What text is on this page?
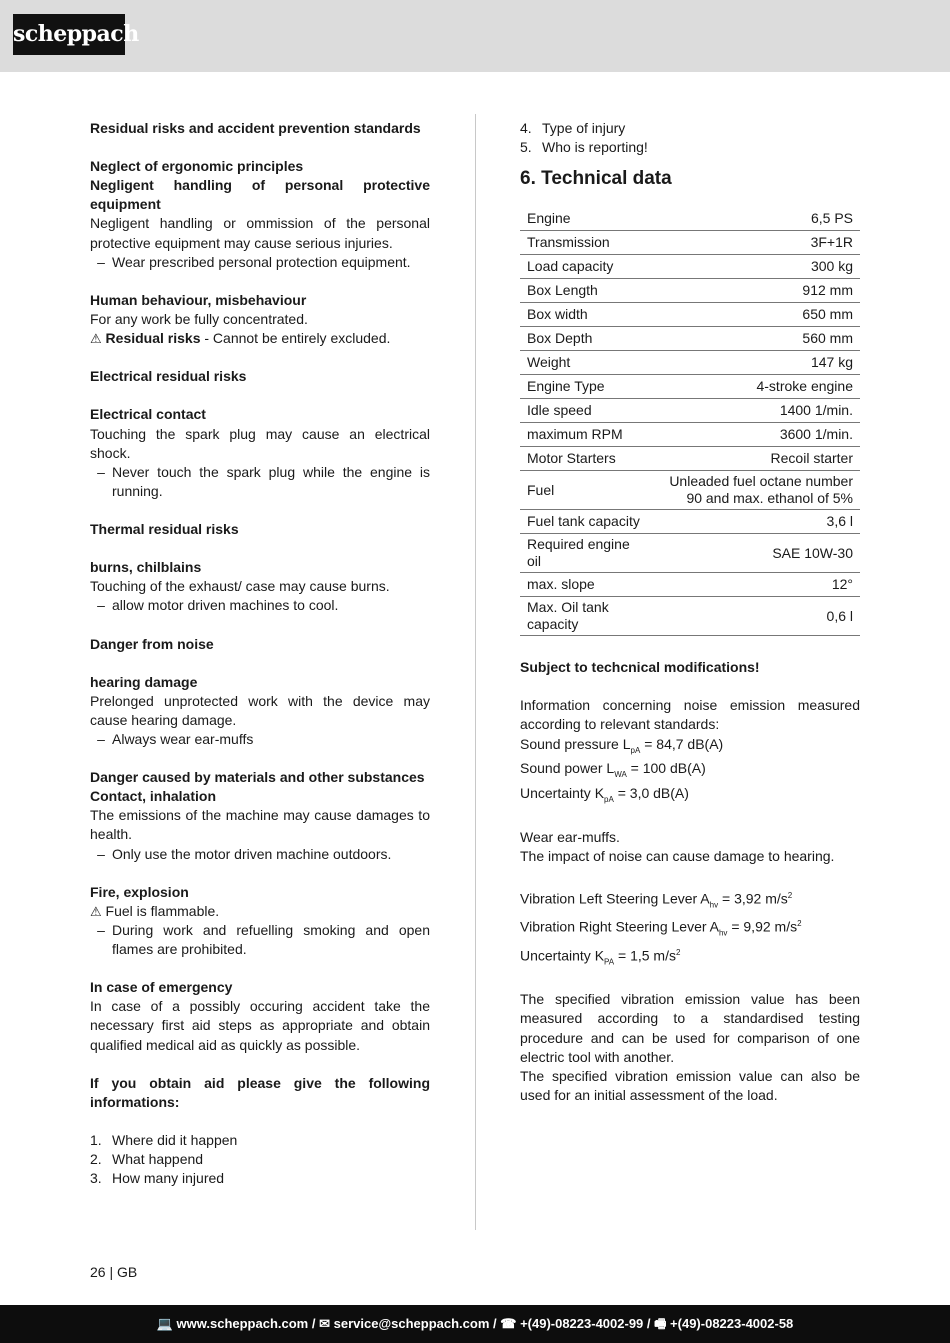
scheppach

Residual risks and accident prevention standards

Neglect of ergonomic principles

Negligent handling of personal protective equipment

Negligent handling or ommission of the personal protective equipment may cause serious injuries.

– Wear prescribed personal protection equipment.

Human behaviour, misbehaviour

For any work be fully concentrated.

⚠ Residual risks - Cannot be entirely excluded.

Electrical residual risks

Electrical contact

Touching the spark plug may cause an electrical shock.

– Never touch the spark plug while the engine is running.

Thermal residual risks

burns, chilblains

Touching of the exhaust/ case may cause burns.

– allow motor driven machines to cool.

Danger from noise

hearing damage

Prelonged unprotected work with the device may cause hearing damage.

– Always wear ear-muffs

Danger caused by materials and other substances

Contact, inhalation

The emissions of the machine may cause damages to health.

– Only use the motor driven machine outdoors.

Fire, explosion

⚠ Fuel is flammable.

– During work and refuelling smoking and open flames are prohibited.

In case of emergency

In case of a possibly occuring accident take the necessary first aid steps as appropriate and obtain qualified medical aid as quickly as possible.

If you obtain aid please give the following informations:

1. Where did it happen
2. What happend
3. How many injured
4. Type of injury
5. Who is reporting!
6. Technical data
Engine	6,5 PS
Transmission	3F+1R
Load capacity	300 kg
Box Length	912 mm
Box width	650 mm
Box Depth	560 mm
Weight	147 kg
Engine Type	4-stroke engine
Idle speed	1400 1/min.
maximum RPM	3600 1/min.
Motor Starters	Recoil starter
Fuel	Unleaded fuel octane number 90 and max. ethanol of 5%
Fuel tank capacity	3,6 l
Required engine oil	SAE 10W-30
max. slope	12°
Max. Oil tank capacity	0,6 l

Subject to techcnical modifications!

Information concerning noise emission measured according to relevant standards:

Sound pressure $L_{pA} = 84,7$ dB(A)

Sound power $L_{WA} = 100$ dB(A)

Uncertainty $K_{pA} = 3,0$ dB(A)

Wear ear-muffs.

The impact of noise can cause damage to hearing.

Vibration Left Steering Lever $A_{hv} = 3,92$ $m/s^2$

Vibration Right Steering Lever $A_{hv} = 9,92$ $m/s^2$

Uncertainty $K_{PA} = 1,5$ $m/s^2$

The specified vibration emission value has been measured according to a standardised testing procedure and can be used for comparison of one electric tool with another.

The specified vibration emission value can also be used for an initial assessment of the load.

26 | GB
💻 www.scheppach.com / ✉ service@scheppach.com / ☎ +(49)-08223-4002-99 / 🖷 +(49)-08223-4002-58
